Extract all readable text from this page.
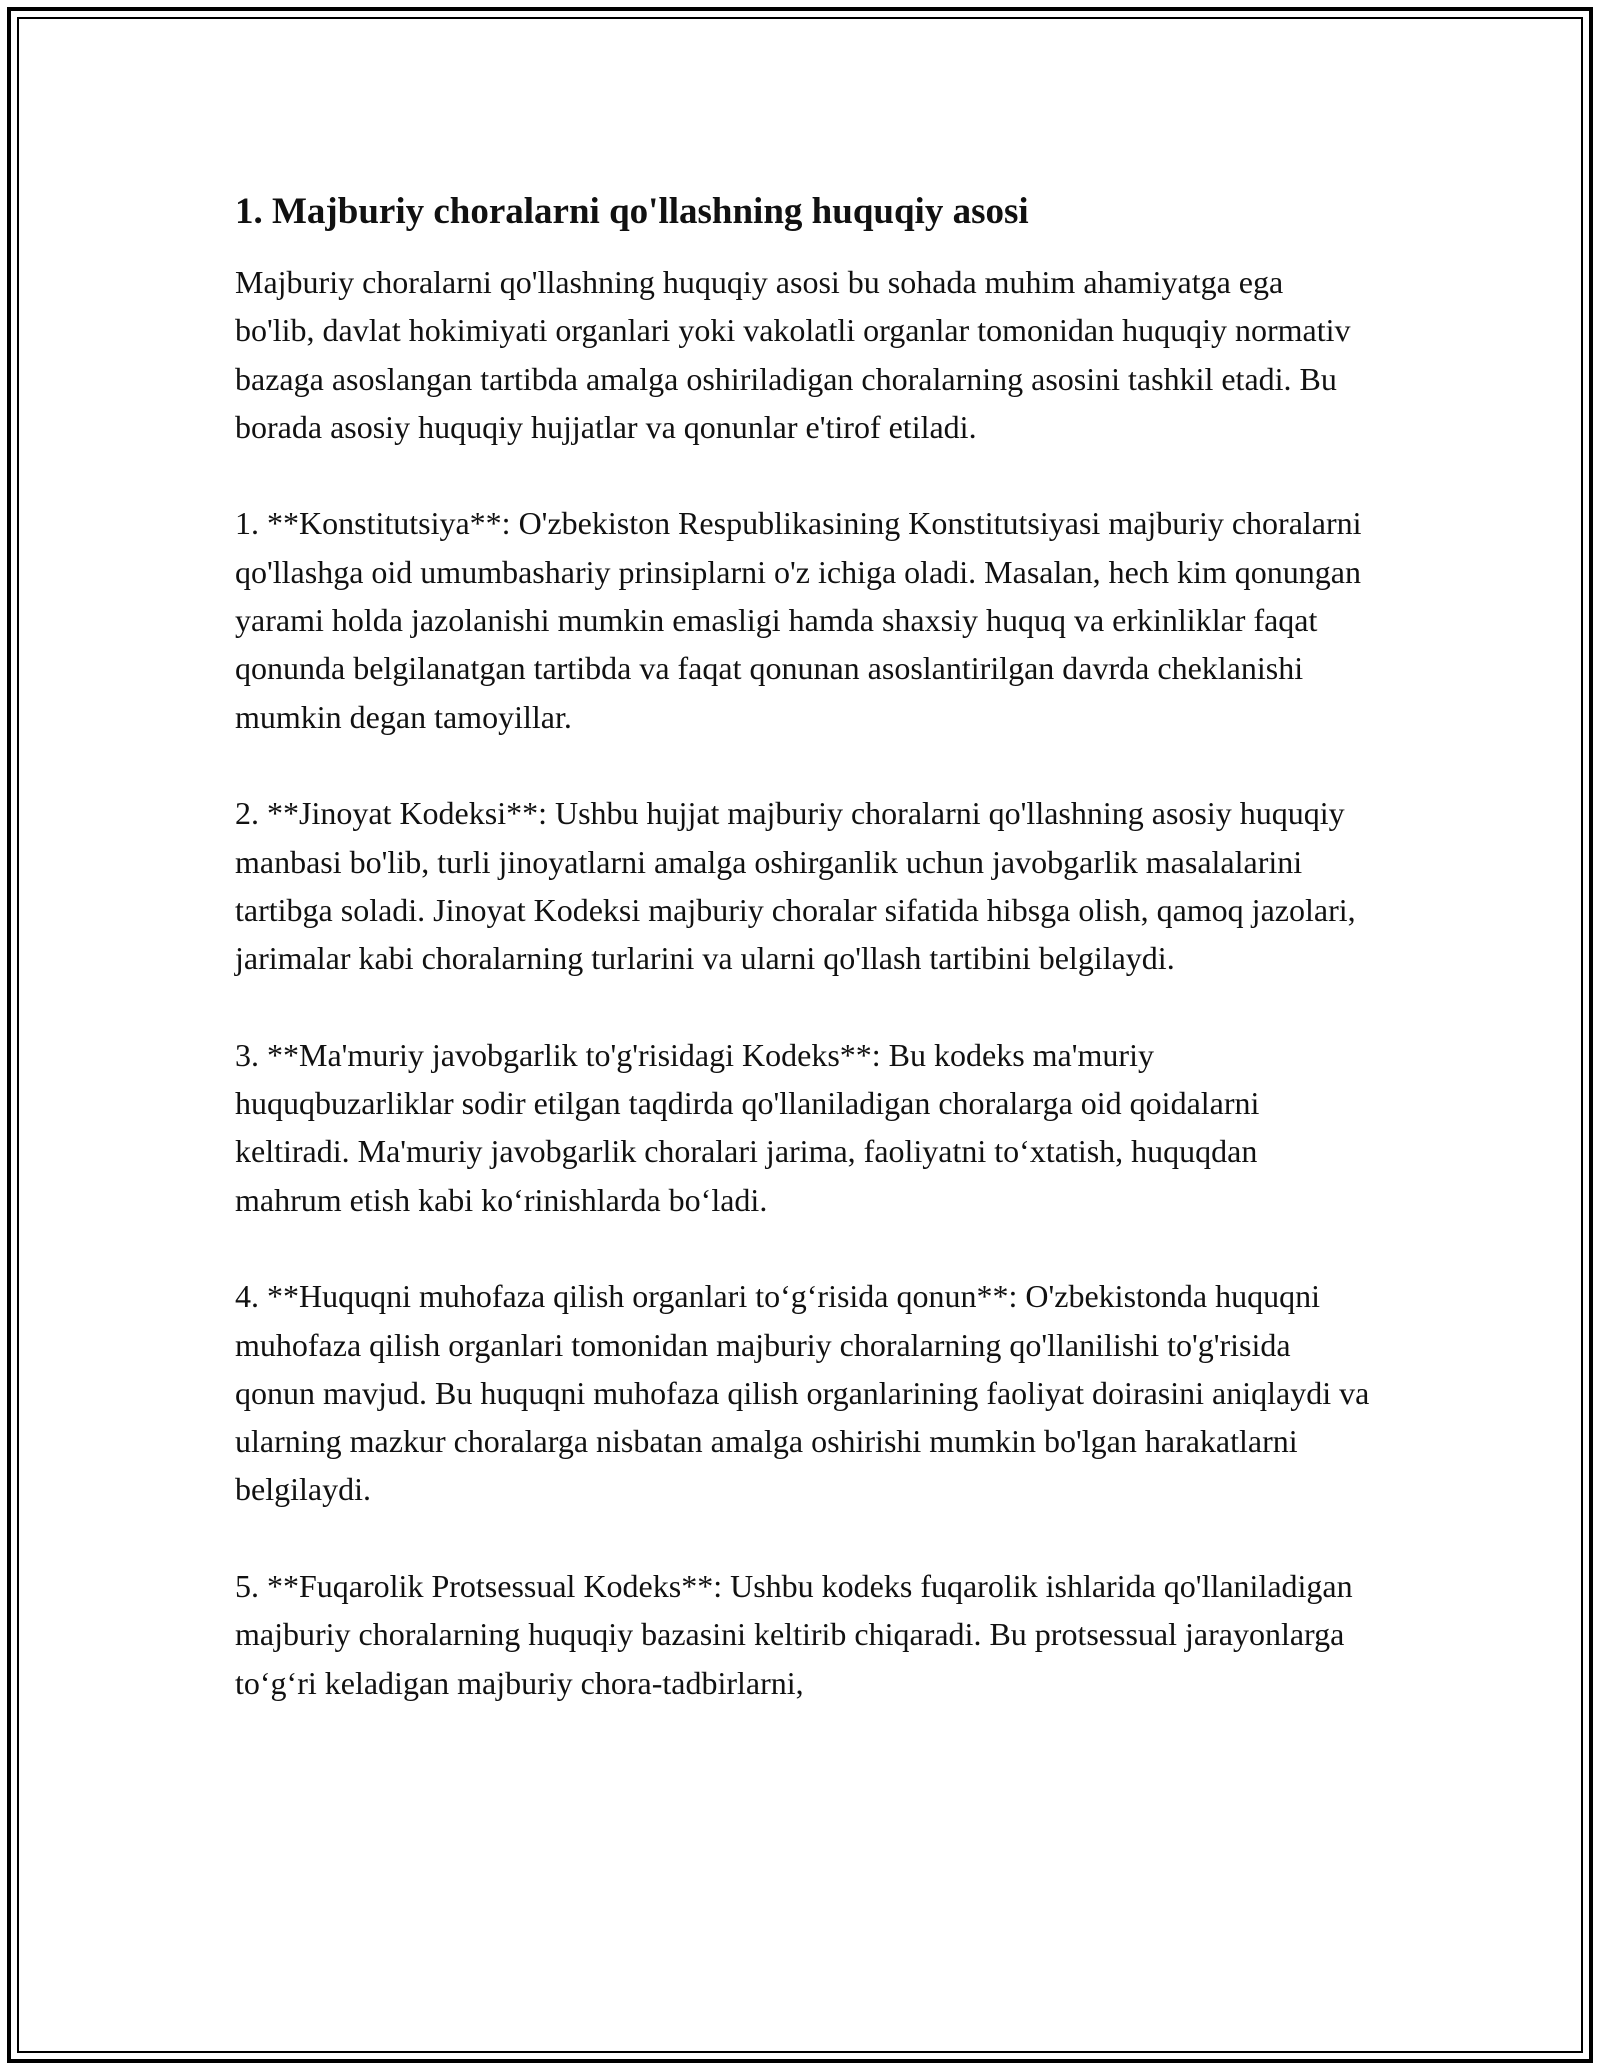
1. Majburiy choralarni qo'llashning huquqiy asosi

Majburiy choralarni qo'llashning huquqiy asosi bu sohada muhim ahamiyatga ega bo'lib, davlat hokimiyati organlari yoki vakolatli organlar tomonidan huquqiy normativ bazaga asoslangan tartibda amalga oshiriladigan choralarning asosini tashkil etadi. Bu borada asosiy huquqiy hujjatlar va qonunlar e'tirof etiladi.

1. **Konstitutsiya**: O'zbekiston Respublikasining Konstitutsiyasi majburiy choralarni qo'llashga oid umumbashariy prinsiplarni o'z ichiga oladi. Masalan, hech kim qonungan yarami holda jazolanishi mumkin emasligi hamda shaxsiy huquq va erkinliklar faqat qonunda belgilanatgan tartibda va faqat qonunan asoslantirilgan davrda cheklanishi mumkin degan tamoyillar.

2. **Jinoyat Kodeksi**: Ushbu hujjat majburiy choralarni qo'llashning asosiy huquqiy manbasi bo'lib, turli jinoyatlarni amalga oshirganlik uchun javobgarlik masalalarini tartibga soladi. Jinoyat Kodeksi majburiy choralar sifatida hibsga olish, qamoq jazolari, jarimalar kabi choralarning turlarini va ularni qo'llash tartibini belgilaydi.

3. **Ma'muriy javobgarlik to'g'risidagi Kodeks**: Bu kodeks ma'muriy huquqbuzarliklar sodir etilgan taqdirda qo'llaniladigan choralarga oid qoidalarni keltiradi. Ma'muriy javobgarlik choralari jarima, faoliyatni to‘xtatish, huquqdan mahrum etish kabi ko‘rinishlarda bo‘ladi.

4. **Huquqni muhofaza qilish organlari to‘g‘risida qonun**: O'zbekistonda huquqni muhofaza qilish organlari tomonidan majburiy choralarning qo'llanilishi to'g'risida qonun mavjud. Bu huquqni muhofaza qilish organlarining faoliyat doirasini aniqlaydi va ularning mazkur choralarga nisbatan amalga oshirishi mumkin bo'lgan harakatlarni belgilaydi.

5. **Fuqarolik Protsessual Kodeks**: Ushbu kodeks fuqarolik ishlarida qo'llaniladigan majburiy choralarning huquqiy bazasini keltirib chiqaradi. Bu protsessual jarayonlarga to‘g‘ri keladigan majburiy chora-tadbirlarni,
